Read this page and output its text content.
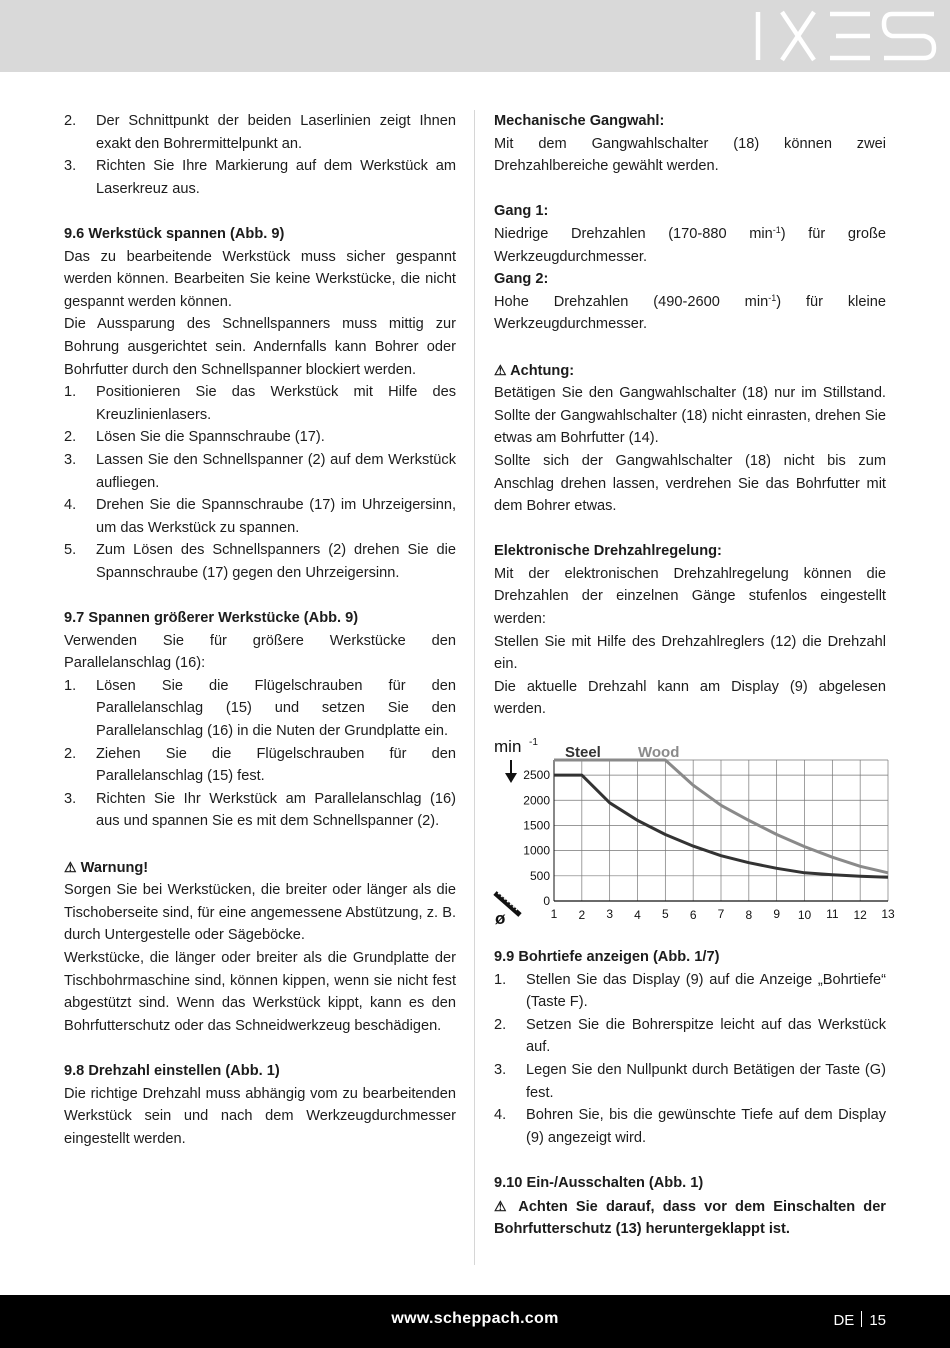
2. Der Schnittpunkt der beiden Laserlinien zeigt Ihnen exakt den Bohrermittelpunkt an.
3. Richten Sie Ihre Markierung auf dem Werkstück am Laserkreuz aus.

9.6 Werkstück spannen (Abb. 9)

Das zu bearbeitende Werkstück muss sicher gespannt werden können. Bearbeiten Sie keine Werkstücke, die nicht gespannt werden können.

Die Aussparung des Schnellspanners muss mittig zur Bohrung ausgerichtet sein. Andernfalls kann Bohrer oder Bohrfutter durch den Schnellspanner blockiert werden.

1. Positionieren Sie das Werkstück mit Hilfe des Kreuzlinienlasers.
2. Lösen Sie die Spannschraube (17).
3. Lassen Sie den Schnellspanner (2) auf dem Werkstück aufliegen.
4. Drehen Sie die Spannschraube (17) im Uhrzeigersinn, um das Werkstück zu spannen.
5. Zum Lösen des Schnellspanners (2) drehen Sie die Spannschraube (17) gegen den Uhrzeigersinn.

9.7 Spannen größerer Werkstücke (Abb. 9)

Verwenden Sie für größere Werkstücke den Parallelanschlag (16):

1. Lösen Sie die Flügelschrauben für den Parallelanschlag (15) und setzen Sie den Parallelanschlag (16) in die Nuten der Grundplatte ein.
2. Ziehen Sie die Flügelschrauben für den Parallelanschlag (15) fest.
3. Richten Sie Ihr Werkstück am Parallelanschlag (16) aus und spannen Sie es mit dem Schnellspanner (2).

⚠ Warnung!

Sorgen Sie bei Werkstücken, die breiter oder länger als die Tischoberseite sind, für eine angemessene Abstützung, z. B. durch Untergestelle oder Sägeböcke.

Werkstücke, die länger oder breiter als die Grundplatte der Tischbohrmaschine sind, können kippen, wenn sie nicht fest abgestützt sind. Wenn das Werkstück kippt, kann es den Bohrfutterschutz oder das Schneidwerkzeug beschädigen.

9.8 Drehzahl einstellen (Abb. 1)

Die richtige Drehzahl muss abhängig vom zu bearbeitenden Werkstück sein und nach dem Werkzeugdurchmesser eingestellt werden.

Mechanische Gangwahl:

Mit dem Gangwahlschalter (18) können zwei Drehzahlbereiche gewählt werden.

Gang 1:

Niedrige Drehzahlen (170-880 $\min^{-1}$) für große Werkzeugdurchmesser.

Gang 2:

Hohe Drehzahlen (490-2600 $\min^{-1}$) für kleine Werkzeugdurchmesser.

⚠ Achtung:

Betätigen Sie den Gangwahlschalter (18) nur im Stillstand. Sollte der Gangwahlschalter (18) nicht einrasten, drehen Sie etwas am Bohrfutter (14).

Sollte sich der Gangwahlschalter (18) nicht bis zum Anschlag drehen lassen, verdrehen Sie das Bohrfutter mit dem Bohrer etwas.

Elektronische Drehzahlregelung:

Mit der elektronischen Drehzahlregelung können die Drehzahlen der einzelnen Gänge stufenlos eingestellt werden:

Stellen Sie mit Hilfe des Drehzahlreglers (12) die Drehzahl ein.

Die aktuelle Drehzahl kann am Display (9) abgelesen werden.

0
500
1000
1500
2000
2500
1 2 3 4 5 6 7 8 9 10 11 12 13
Steel Wood
min -1
ø

9.9 Bohrtiefe anzeigen (Abb. 1/7)

1. Stellen Sie das Display (9) auf die Anzeige „Bohrtiefe“ (Taste F).
2. Setzen Sie die Bohrerspitze leicht auf das Werkstück auf.
3. Legen Sie den Nullpunkt durch Betätigen der Taste (G) fest.
4. Bohren Sie, bis die gewünschte Tiefe auf dem Display (9) angezeigt wird.

9.10 Ein-/Ausschalten (Abb. 1)

⚠ Achten Sie darauf, dass vor dem Einschalten der Bohrfutterschutz (13) heruntergeklappt ist.

www.scheppach.com	DE 15
